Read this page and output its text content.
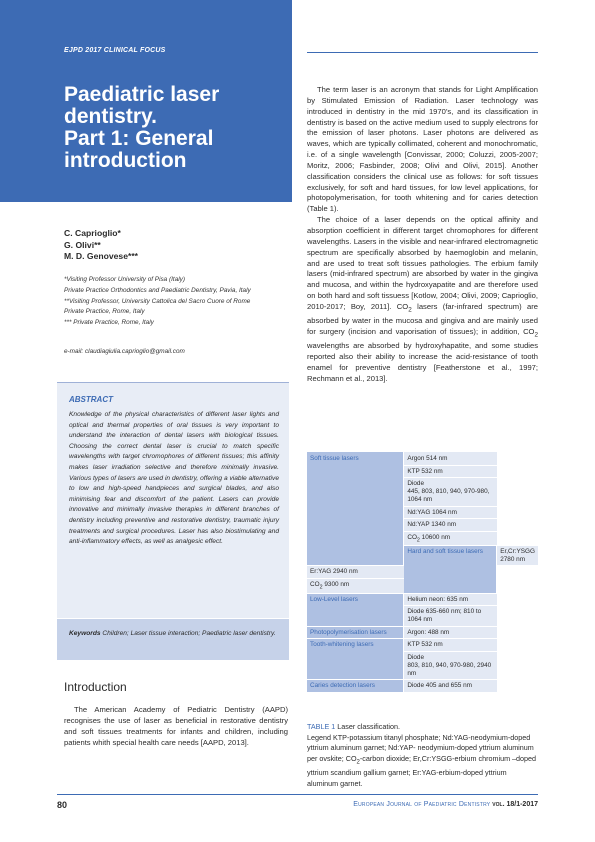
EJPD 2017 CLINICAL FOCUS
Paediatric laser
dentistry.
Part 1: General
introduction
C. Caprioglio*
G. Olivi**
M. D. Genovese***
*Visiting Professor University of Pisa (Italy)
Private Practice Orthodontics and Paediatric Dentistry, Pavia, Italy
**Visiting Professor, University Cattolica del Sacro Cuore of Rome
Private Practice, Rome, Italy
*** Private Practice, Rome, Italy
e-mail: claudiagiulia.caprioglio@gmail.com
ABSTRACT
Knowledge of the physical characteristics of different laser lights and optical and thermal properties of oral tissues is very important to understand the interaction of dental lasers with biological tissues. Choosing the correct dental laser is crucial to match specific wavelengths with target chromophores of different tissues; this affinity makes laser irradiation selective and therefore minimally invasive. Various types of lasers are used in dentistry, offering a viable alternative to low and high-speed handpieces and surgical blades, and also minimising fear and discomfort of the patient. Lasers can provide innovative and minimally invasive therapies in different branches of dentistry including preventive and restorative dentistry, traumatic injury treatments and surgical procedures. Laser has also biostimulating and anti-inflammatory effects, as well as analgesic effect.
Keywords Children; Laser tissue interaction; Paediatric laser dentistry.
Introduction
The American Academy of Pediatric Dentistry (AAPD) recognises the use of laser as beneficial in restorative dentistry and soft tissues treatments for infants and children, including patients whith special health care needs [AAPD, 2013].

The term laser is an acronym that stands for Light Amplification by Stimulated Emission of Radiation. Laser technology was introduced in dentistry in the mid 1970’s, and its classification in dentistry is based on the active medium used to supply electrons for the emission of laser photons. Laser photons are delivered as waves, which are typically collimated, coherent and monochromatic, i.e. of a single wavelength [Convissar, 2000; Coluzzi, 2005-2007; Moritz, 2006; Fasbinder, 2008; Olivi and Olivi, 2015]. Another classification considers the clinical use as follows: for soft tissues exclusively, for soft and hard tissues, for low level applications, for photopolymerisation, for tooth whitening and for caries detection (Table 1).

The choice of a laser depends on the optical affinity and absorption coefficient in different target chromophores for different wavelengths. Lasers in the visible and near-infrared electromagnetic spectrum are specifically absorbed by haemoglobin and melanin, and are used to treat soft tissues pathologies. The erbium family lasers (mid-infrared spectrum) are absorbed by water in the gingiva and mucosa, and within the hydroxyapatite and are therefore used on both hard and soft tissuess [Kotlow, 2004; Olivi, 2009; Caprioglio, 2010-2017; Boy, 2011]. $CO_2$ lasers (far-infrared spectrum) are absorbed by water in the mucosa and gingiva and are mainly used for surgery (incision and vaporisation of tissues); in addition, $CO_2$ wavelengths are absorbed by hydroxyhapatite, and some studies reported also their ability to increase the acid-resistance of tooth enamel for preventive dentistry [Featherstone et al., 1997; Rechmann et al., 2013].

Soft tissue lasers	Argon 514 nm	
	KTP 532 nm	

	Diode
445, 803, 810, 940, 970-980, 1064 nm	

	Nd:YAG 1064 nm	
	Nd:YAP 1340 nm	
	$CO_2$ 10600 nm	
	Hard and soft tissue lasers	Er,Cr:YSGG 2780 nm
Er:YAG 2940 nm		
$CO_2$ 9300 nm		
Low-Level lasers	Helium neon: 635 nm	
	Diode 635-660 nm; 810 to 1064 nm	
Photopolymerisation lasers	Argon: 488 nm	
Tooth-whitening lasers	KTP 532 nm	

	Diode
803, 810, 940, 970-980, 2940 nm	

Caries detection lasers	Diode 405 and 655 nm	
TABLE 1 Laser classification.
Legend KTP-potassium titanyl phosphate; Nd:YAG-neodymium-doped yttrium aluminum garnet; Nd:YAP- neodymium-doped yttrium aluminum per ovskite; $CO_2$-carbon dioxide; Er,Cr:YSGG-erbium chromium –doped yttrium scandium gallium garnet; Er:YAG-erbium-doped yttrium aluminum garnet.
80	European Journal of Paediatric Dentistry vol. 18/1-2017
